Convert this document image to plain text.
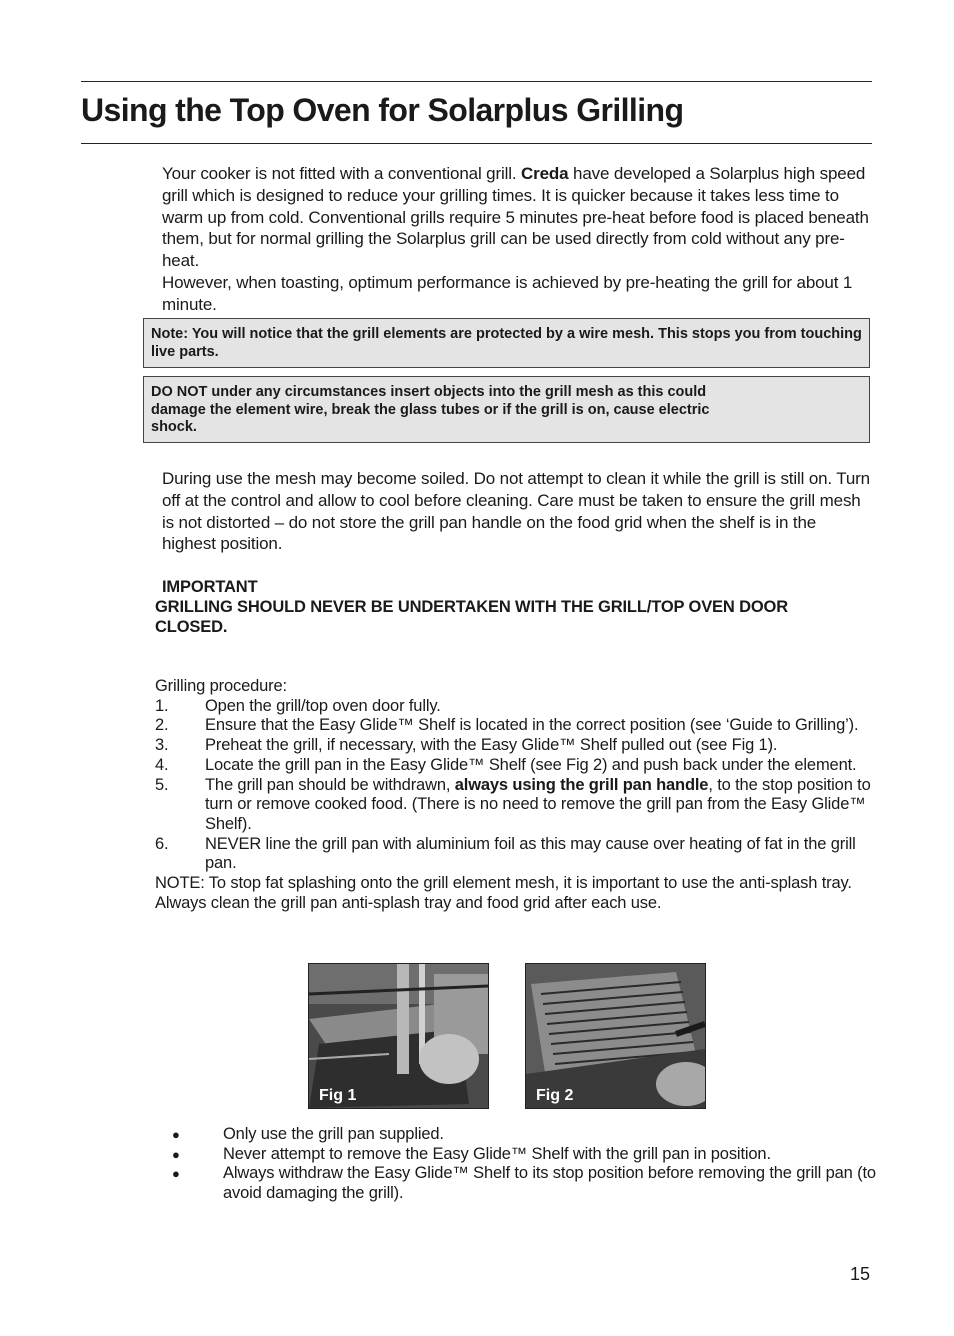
Using the Top Oven for Solarplus Grilling
Your cooker is not fitted with a conventional grill. Creda have developed a Solarplus high speed grill which is designed to reduce your grilling times. It is quicker because it takes less time to warm up from cold. Conventional grills require 5 minutes pre-heat before food is placed beneath them, but for normal grilling the Solarplus grill can be used directly from cold without any pre-heat.
However, when toasting, optimum performance is achieved by pre-heating the grill for about 1 minute.
Note: You will notice that the grill elements are protected by a wire mesh. This stops you from touching live parts.
DO NOT under any circumstances insert objects into the grill mesh as this could
damage the element wire, break the glass tubes or if the grill is on, cause electric
shock.
During use the mesh may become soiled. Do not attempt to clean it while the grill is still on. Turn off at the control and allow to cool before cleaning. Care must be taken to ensure the grill mesh is not distorted – do not store the grill pan handle on the food grid when the shelf is in the highest position.
IMPORTANT
GRILLING SHOULD NEVER BE UNDERTAKEN WITH THE GRILL/TOP OVEN DOOR CLOSED.
Grilling procedure:
1.	Open the grill/top oven door fully.
2.	Ensure that the Easy Glide™ Shelf is located in the correct position (see ‘Guide to Grilling’).
3.	Preheat the grill, if necessary, with the Easy Glide™ Shelf pulled out (see Fig 1).
4.	Locate the grill pan in the Easy Glide™ Shelf (see Fig 2) and push back under the element.
5.	The grill pan should be withdrawn, always using the grill pan handle, to the stop position to turn or remove cooked food. (There is no need to remove the grill pan from the Easy Glide™ Shelf).
6.	NEVER line the grill pan with aluminium foil as this may cause over heating of fat in the grill pan.
NOTE: To stop fat splashing onto the grill element mesh, it is important to use the anti-splash tray. Always clean the grill pan anti-splash tray and food grid after each use.
Fig 1	Fig 2
●	Only use the grill pan supplied.
●	Never attempt to remove the Easy Glide™ Shelf with the grill pan in position.
●	Always withdraw the Easy Glide™ Shelf to its stop position before removing the grill pan (to avoid damaging the grill).
15
